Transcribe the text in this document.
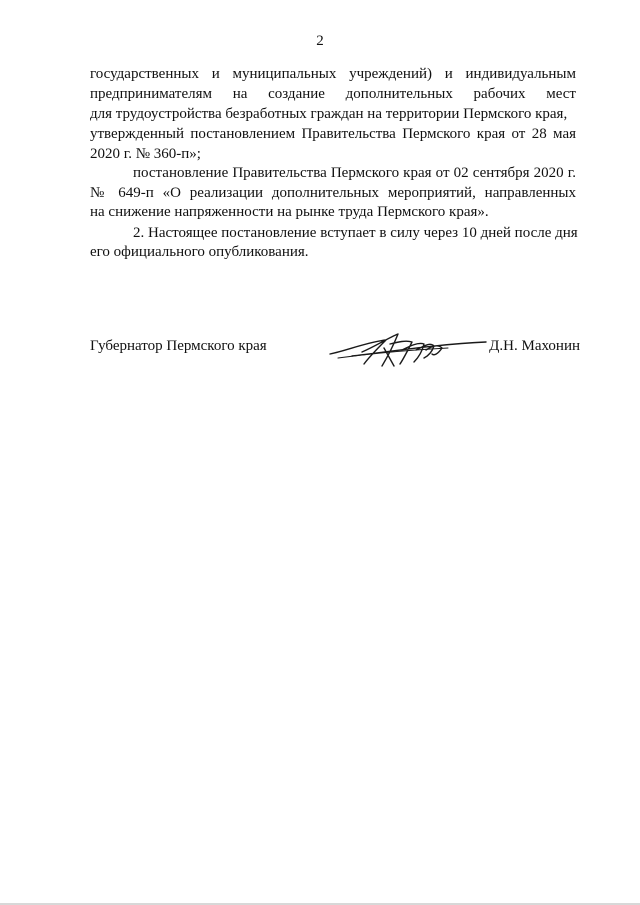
2
государственных и муниципальных учреждений) и индивидуальным
предпринимателям на создание дополнительных рабочих мест
для трудоустройства безработных граждан на территории Пермского края,
утвержденный постановлением Правительства Пермского края от 28 мая
2020 г. № 360-п»;
постановление Правительства Пермского края от 02 сентября 2020 г.
№ 649-п «О реализации дополнительных мероприятий, направленных
на снижение напряженности на рынке труда Пермского края».
2. Настоящее постановление вступает в силу через 10 дней после дня
его официального опубликования.
Губернатор Пермского края	Д.Н. Махонин
